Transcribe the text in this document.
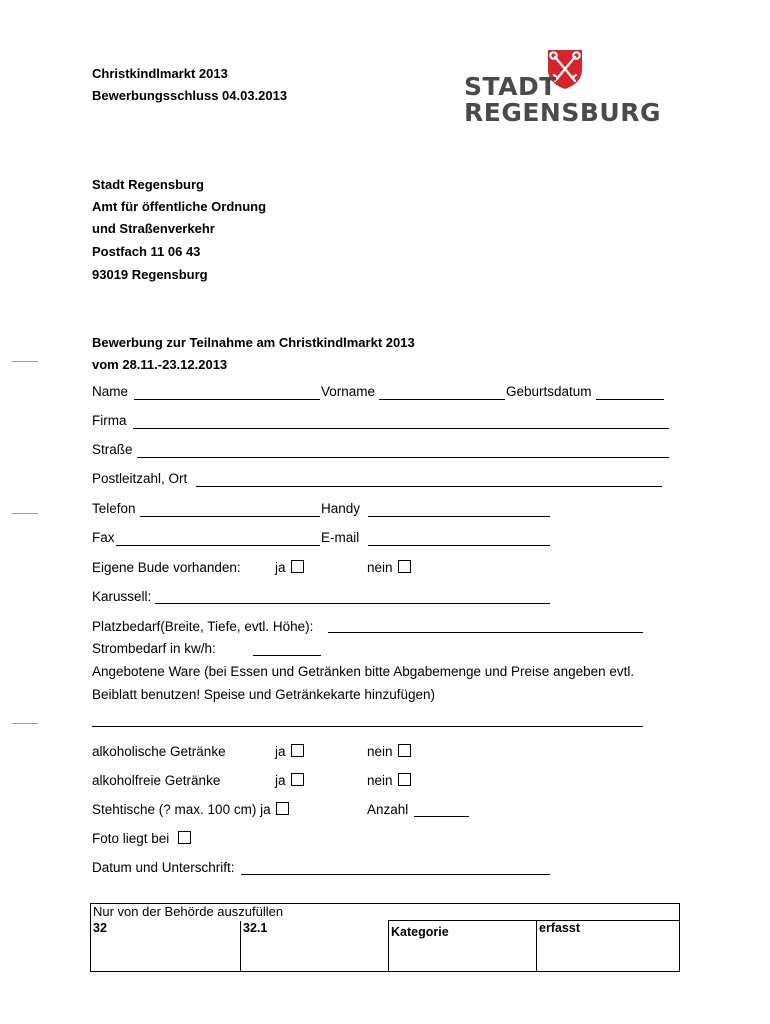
Christkindlmarkt 2013
Bewerbungsschluss 04.03.2013	STADT
REGENSBURG
Stadt Regensburg
Amt für öffentliche Ordnung
und Straßenverkehr
Postfach 11 06 43
93019 Regensburg
Bewerbung zur Teilnahme am Christkindlmarkt 2013
vom 28.11.-23.12.2013
Name	Vorname	Geburtsdatum
Firma
Straße
Postleitzahl, Ort
Telefon	Handy
Fax	E-mail
Eigene Bude vorhanden:	ja	nein
Karussell:
Platzbedarf(Breite, Tiefe, evtl. Höhe):
Strombedarf in kw/h:
Angebotene Ware (bei Essen und Getränken bitte Abgabemenge und Preise angeben evtl.
Beiblatt benutzen! Speise und Getränkekarte hinzufügen)
alkoholische Getränke	ja	nein
alkoholfreie Getränke	ja	nein
Stehtische (? max. 100 cm) ja	Anzahl
Foto liegt bei
Datum und Unterschrift:
Nur von der Behörde auszufüllen
32	32.1	Kategorie	erfasst
